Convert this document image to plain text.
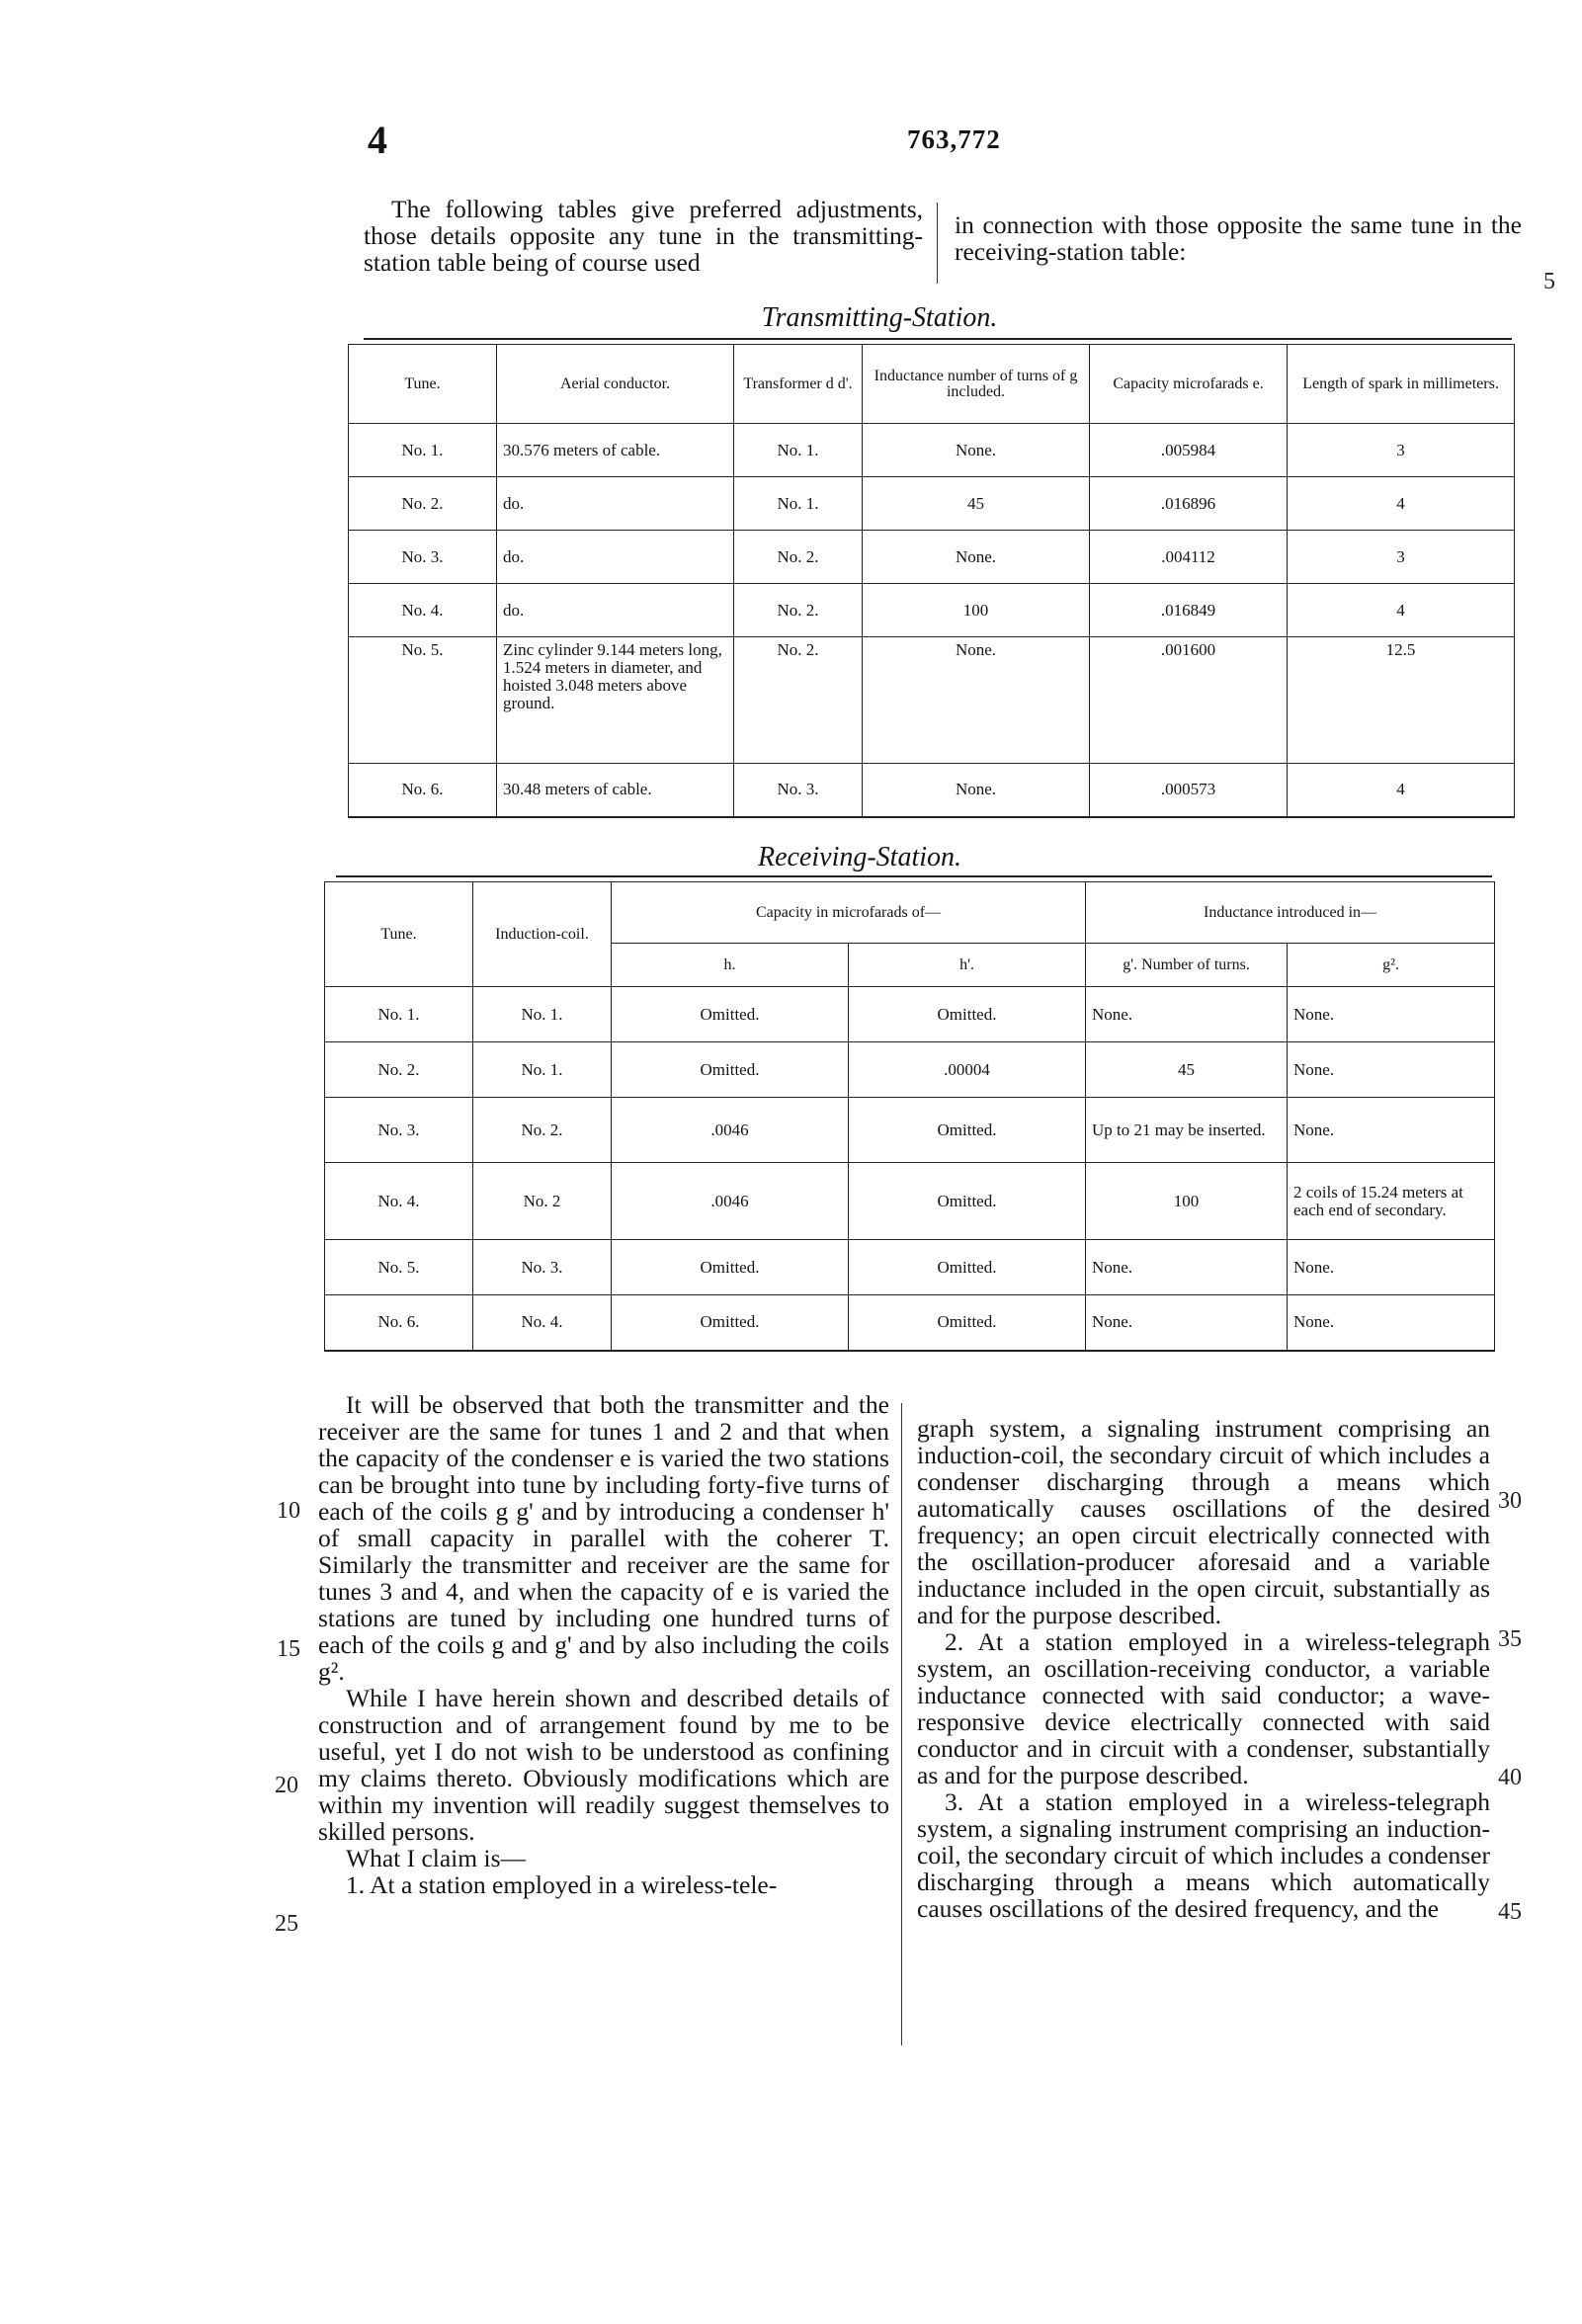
4	763,772

The following tables give preferred adjustments, those details opposite any tune in the transmitting-station table being of course used

in connection with those opposite the same tune in the receiving-station table:

5
Transmitting-Station.
Tune.	Aerial conductor.	Transformer d d'.	Inductance number of turns of g included.	Capacity microfarads e.	Length of spark in millimeters.
No. 1.	30.576 meters of cable.	No. 1.	None.	.005984	3
No. 2.	do.	No. 1.	45	.016896	4
No. 3.	do.	No. 2.	None.	.004112	3
No. 4.	do.	No. 2.	100	.016849	4
No. 5.	Zinc cylinder 9.144 meters long, 1.524 meters in diameter, and hoisted 3.048 meters above ground.	No. 2.	None.	.001600	12.5
No. 6.	30.48 meters of cable.	No. 3.	None.	.000573	4
Receiving-Station.
Tune.	Induction-coil.	Capacity in microfarads of—		Inductance introduced in—	
		h.	h'.	g'. Number of turns.	g².
No. 1.	No. 1.	Omitted.	Omitted.	None.	None.
No. 2.	No. 1.	Omitted.	.00004	45	None.
No. 3.	No. 2.	.0046	Omitted.	Up to 21 may be inserted.	None.
No. 4.	No. 2	.0046	Omitted.	100	2 coils of 15.24 meters at each end of secondary.
No. 5.	No. 3.	Omitted.	Omitted.	None.	None.
No. 6.	No. 4.	Omitted.	Omitted.	None.	None.

It will be observed that both the transmitter and the receiver are the same for tunes 1 and 2 and that when the capacity of the condenser e is varied the two stations can be brought into tune by including forty-five turns of each of the coils g g' and by introducing a condenser h' of small capacity in parallel with the coherer T. Similarly the transmitter and receiver are the same for tunes 3 and 4, and when the capacity of e is varied the stations are tuned by including one hundred turns of each of the coils g and g' and by also including the coils g².

While I have herein shown and described details of construction and of arrangement found by me to be useful, yet I do not wish to be understood as confining my claims thereto. Obviously modifications which are within my invention will readily suggest themselves to skilled persons.

What I claim is—

1. At a station employed in a wireless-tele-

graph system, a signaling instrument comprising an induction-coil, the secondary circuit of which includes a condenser discharging through a means which automatically causes oscillations of the desired frequency; an open circuit electrically connected with the oscillation-producer aforesaid and a variable inductance included in the open circuit, substantially as and for the purpose described.

2. At a station employed in a wireless-telegraph system, an oscillation-receiving conductor, a variable inductance connected with said conductor; a wave-responsive device electrically connected with said conductor and in circuit with a condenser, substantially as and for the purpose described.

3. At a station employed in a wireless-telegraph system, a signaling instrument comprising an induction-coil, the secondary circuit of which includes a condenser discharging through a means which automatically causes oscillations of the desired frequency, and the

10
15
20
25
30
35
40
45
